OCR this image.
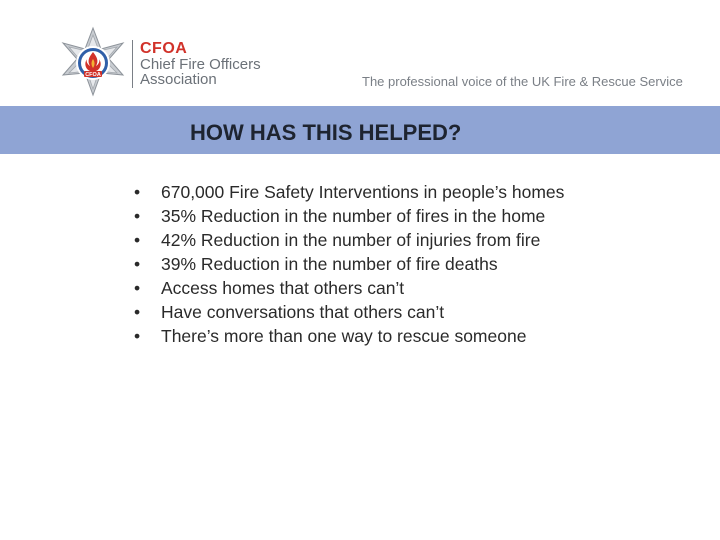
CFOA
CFOA
Chief Fire Officers
Association	The professional voice of the UK Fire & Rescue Service
HOW HAS THIS HELPED?
•	670,000 Fire Safety Interventions in people’s homes
•	35% Reduction in the number of fires in the home
•	42% Reduction in the number of injuries from fire
•	39% Reduction in the number of fire deaths
•	Access homes that others can’t
•	Have conversations that others can’t
•	There’s more than one way to rescue someone
